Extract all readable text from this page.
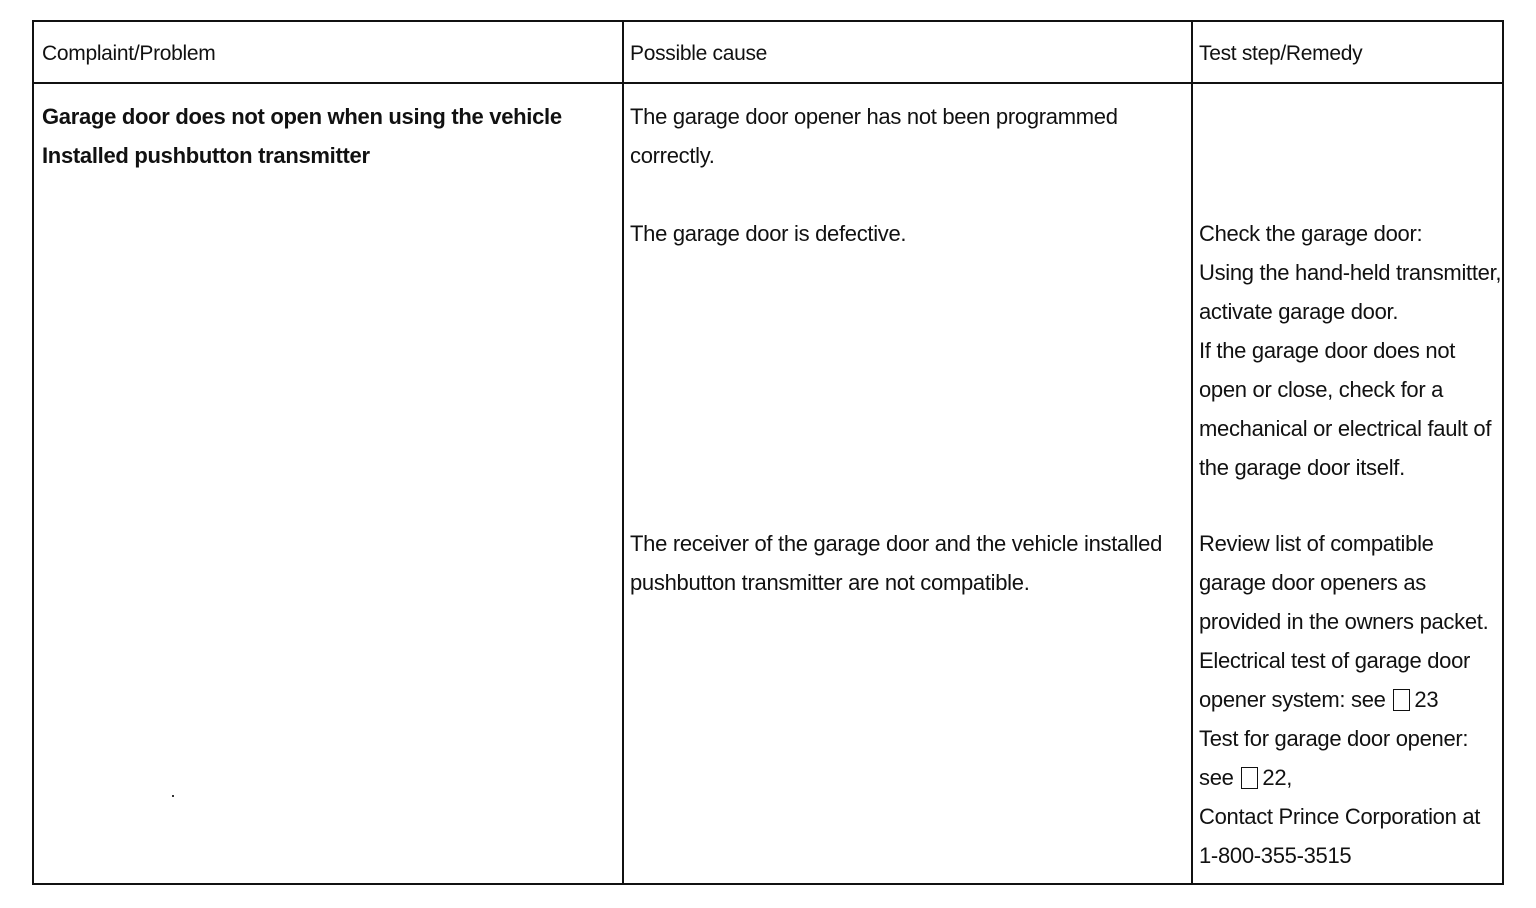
Complaint/Problem	Possible cause	Test step/Remedy
Garage door does not open when using the vehicle
Installed pushbutton transmitter
The garage door opener has not been programmed
correctly.
The garage door is defective.
The receiver of the garage door and the vehicle installed
pushbutton transmitter are not compatible.
Check the garage door:
Using the hand-held transmitter,
activate garage door.
If the garage door does not
open or close, check for a
mechanical or electrical fault of
the garage door itself.
Review list of compatible
garage door openers as
provided in the owners packet.
Electrical test of garage door
opener system: see 23
Test for garage door opener:
see 22,
Contact Prince Corporation at
1-800-355-3515
